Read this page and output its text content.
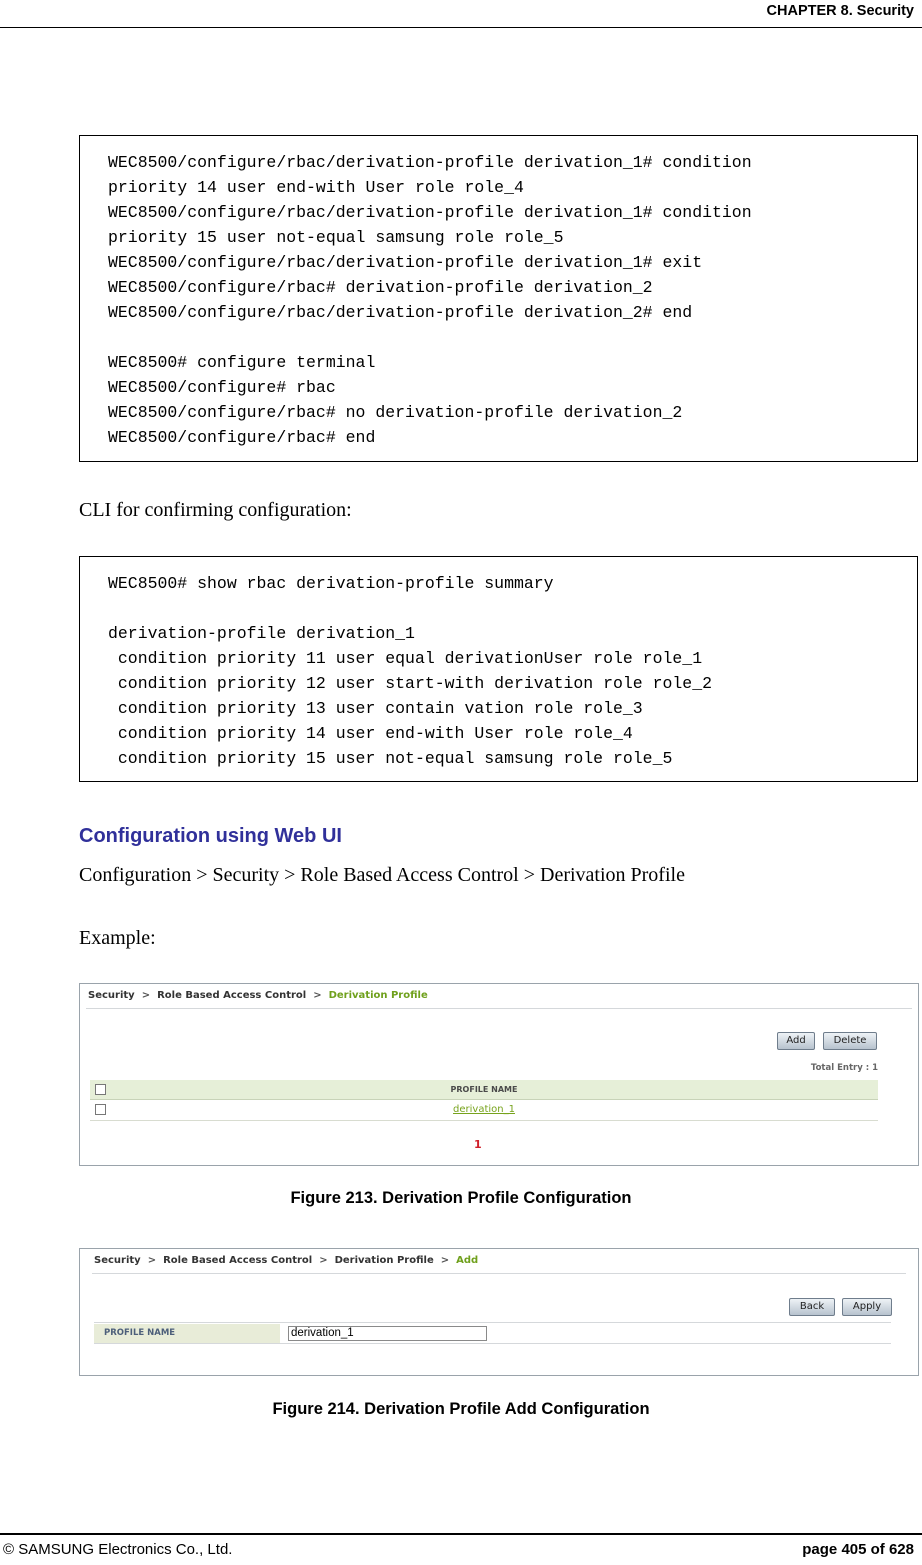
CHAPTER 8. Security
WEC8500/configure/rbac/derivation-profile derivation_1# condition
priority 14 user end-with User role role_4
WEC8500/configure/rbac/derivation-profile derivation_1# condition
priority 15 user not-equal samsung role role_5
WEC8500/configure/rbac/derivation-profile derivation_1# exit
WEC8500/configure/rbac# derivation-profile derivation_2
WEC8500/configure/rbac/derivation-profile derivation_2# end
WEC8500# configure terminal
WEC8500/configure# rbac
WEC8500/configure/rbac# no derivation-profile derivation_2
WEC8500/configure/rbac# end
CLI for confirming configuration:
WEC8500# show rbac derivation-profile summary
derivation-profile derivation_1
condition priority 11 user equal derivationUser role role_1
condition priority 12 user start-with derivation role role_2
condition priority 13 user contain vation role role_3
condition priority 14 user end-with User role role_4
condition priority 15 user not-equal samsung role role_5
Configuration using Web UI
Configuration > Security > Role Based Access Control > Derivation Profile
Example:
Security > Role Based Access Control > Derivation Profile
Add	Delete
Total Entry : 1
PROFILE NAME
derivation_1
1
Figure 213. Derivation Profile Configuration
Security > Role Based Access Control > Derivation Profile > Add
Back	Apply
PROFILE NAME	derivation_1
Figure 214. Derivation Profile Add Configuration
© SAMSUNG Electronics Co., Ltd.	page 405 of 628
